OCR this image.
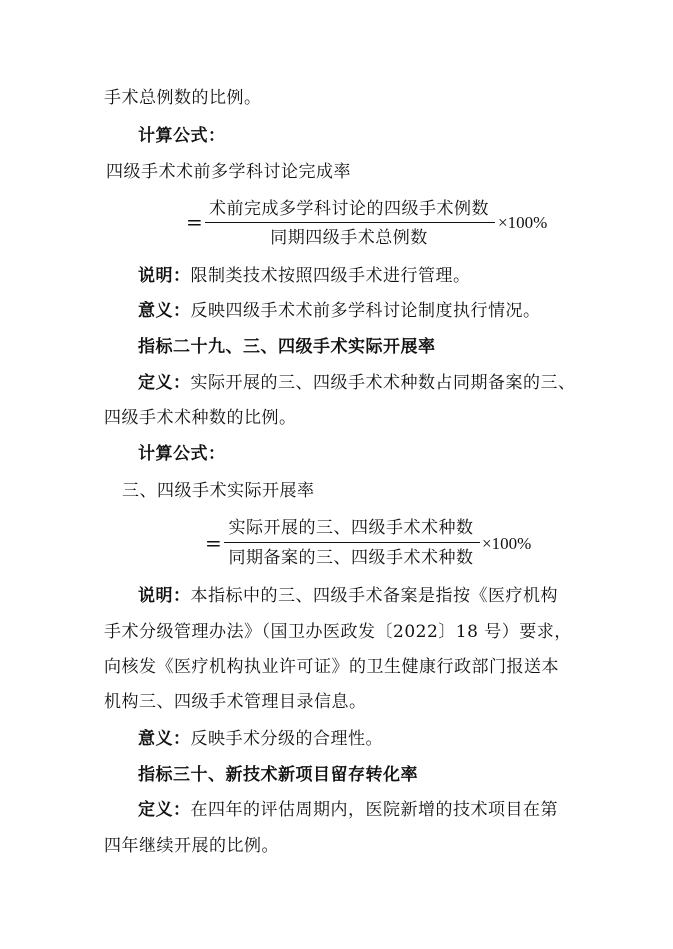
手术总例数的比例。
计算公式：
四级手术术前多学科讨论完成率
=
术前完成多学科讨论的四级手术例数
同期四级手术总例数
×100%
说明：限制类技术按照四级手术进行管理。
意义：反映四级手术术前多学科讨论制度执行情况。
指标二十九、三、四级手术实际开展率
定义：实际开展的三、四级手术术种数占同期备案的三、
四级手术术种数的比例。
计算公式：
三、四级手术实际开展率
=
实际开展的三、四级手术术种数
同期备案的三、四级手术术种数
×100%
说明：本指标中的三、四级手术备案是指按《医疗机构
手术分级管理办法》（国卫办医政发〔2022〕18 号）要求，
向核发《医疗机构执业许可证》的卫生健康行政部门报送本
机构三、四级手术管理目录信息。
意义：反映手术分级的合理性。
指标三十、新技术新项目留存转化率
定义：在四年的评估周期内，医院新增的技术项目在第
四年继续开展的比例。
